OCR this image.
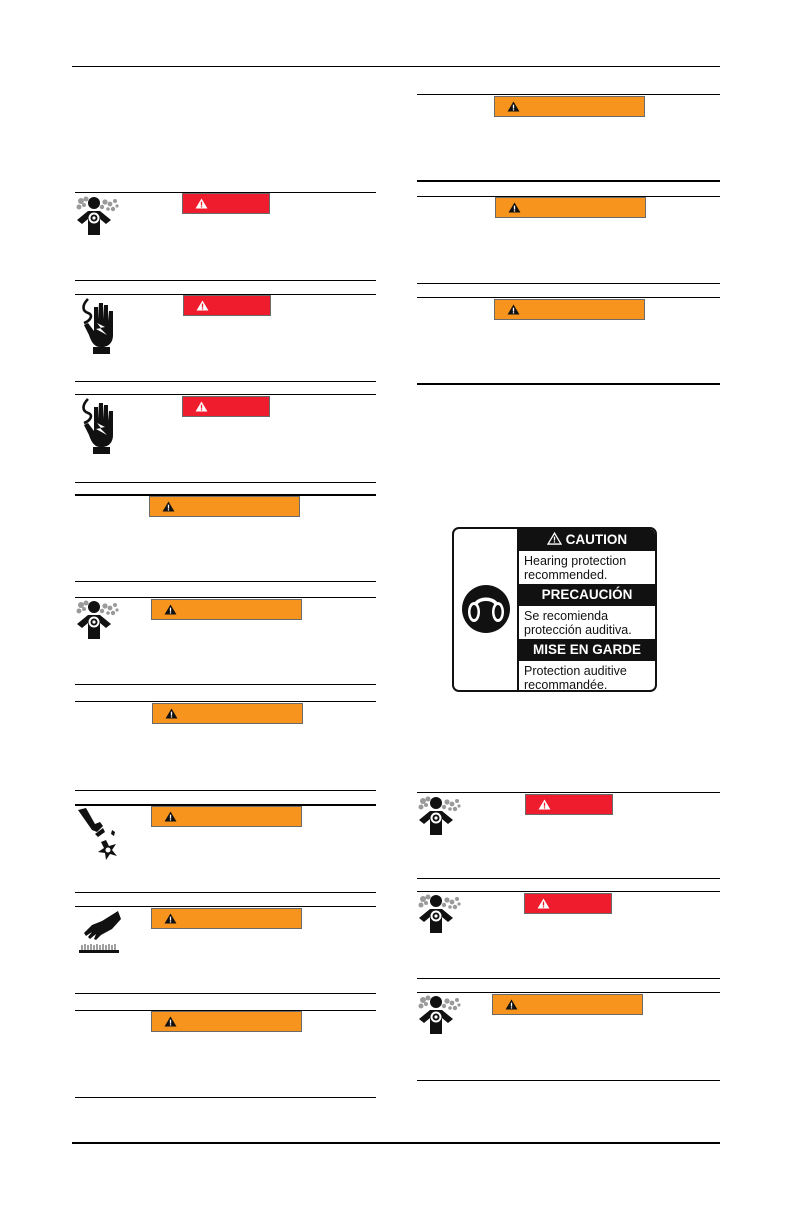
CAUTION
Hearing protection recommended.
PRECAUCIÓN
Se recomienda protección auditiva.
MISE EN GARDE
Protection auditive recommandée.
